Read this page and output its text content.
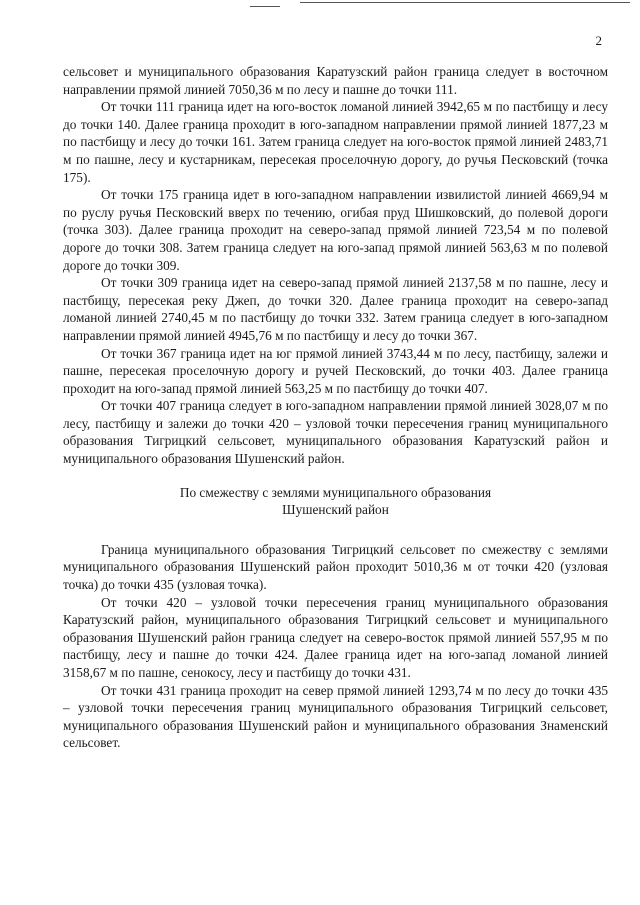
2

сельсовет и муниципального образования Каратузский район граница следует в восточном направлении прямой линией 7050,36 м по лесу и пашне до точки 111.

От точки 111 граница идет на юго-восток ломаной линией 3942,65 м по пастбищу и лесу до точки 140. Далее граница проходит в юго-западном направлении прямой линией 1877,23 м по пастбищу и лесу до точки 161. Затем граница следует на юго-восток прямой линией 2483,71 м по пашне, лесу и кустарникам, пересекая проселочную дорогу, до ручья Песковский (точка 175).

От точки 175 граница идет в юго-западном направлении извилистой линией 4669,94 м по руслу ручья Песковский вверх по течению, огибая пруд Шишковский, до полевой дороги (точка 303). Далее граница проходит на северо-запад прямой линией 723,54 м по полевой дороге до точки 308. Затем граница следует на юго-запад прямой линией 563,63 м по полевой дороге до точки 309.

От точки 309 граница идет на северо-запад прямой линией 2137,58 м по пашне, лесу и пастбищу, пересекая реку Джеп, до точки 320. Далее граница проходит на северо-запад ломаной линией 2740,45 м по пастбищу до точки 332. Затем граница следует в юго-западном направлении прямой линией 4945,76 м по пастбищу и лесу до точки 367.

От точки 367 граница идет на юг прямой линией 3743,44 м по лесу, пастбищу, залежи и пашне, пересекая проселочную дорогу и ручей Песковский, до точки 403. Далее граница проходит на юго-запад прямой линией 563,25 м по пастбищу до точки 407.

От точки 407 граница следует в юго-западном направлении прямой линией 3028,07 м по лесу, пастбищу и залежи до точки 420 – узловой точки пересечения границ муниципального образования Тигрицкий сельсовет, муниципального образования Каратузский район и муниципального образования Шушенский район.

По смежеству с землями муниципального образования
Шушенский район

Граница муниципального образования Тигрицкий сельсовет по смежеству с землями муниципального образования Шушенский район проходит 5010,36 м от точки 420 (узловая точка) до точки 435 (узловая точка).

От точки 420 – узловой точки пересечения границ муниципального образования Каратузский район, муниципального образования Тигрицкий сельсовет и муниципального образования Шушенский район граница следует на северо-восток прямой линией 557,95 м по пастбищу, лесу и пашне до точки 424. Далее граница идет на юго-запад ломаной линией 3158,67 м по пашне, сенокосу, лесу и пастбищу до точки 431.

От точки 431 граница проходит на север прямой линией 1293,74 м по лесу до точки 435 – узловой точки пересечения границ муниципального образования Тигрицкий сельсовет, муниципального образования Шушенский район и муниципального образования Знаменский сельсовет.
